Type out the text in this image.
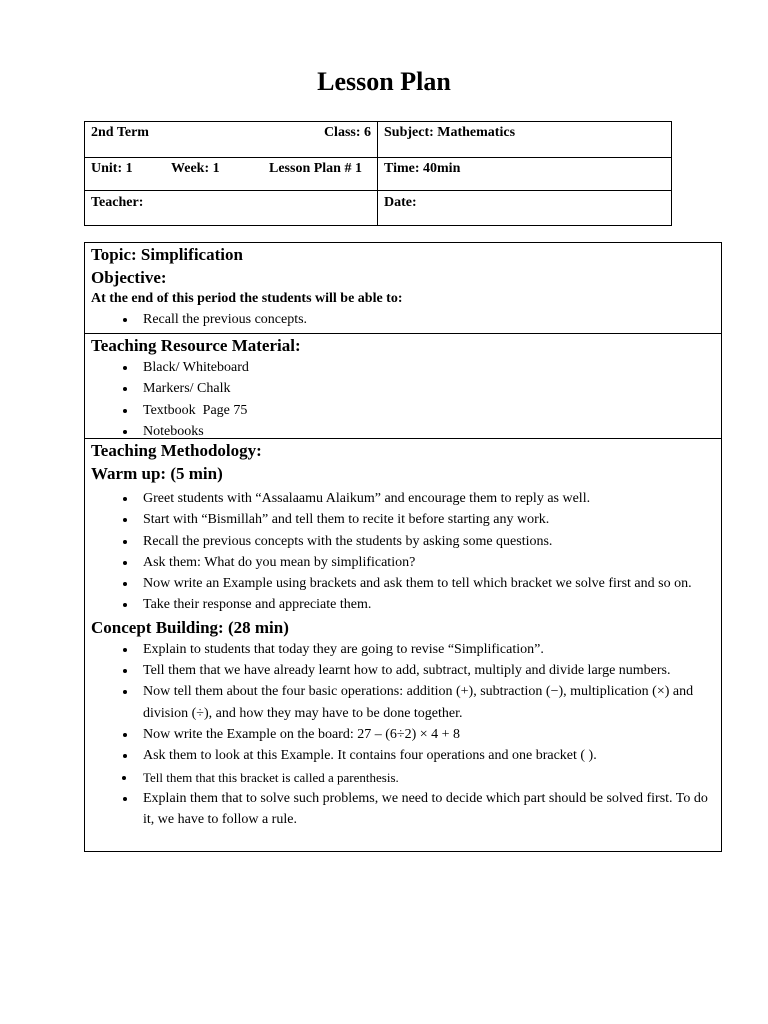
Lesson Plan
2nd Term Class: 6	Subject: Mathematics

Unit: 1 Week: 1 Lesson Plan # 1	Time: 40min
Teacher:	Date:
Topic: Simplification
Objective:
At the end of this period the students will be able to:
• Recall the previous concepts.
Teaching Resource Material:
• Black/ Whiteboard
• Markers/ Chalk
• Textbook  Page 75
• Notebooks
Teaching Methodology:
Warm up: (5 min)
• Greet students with “Assalaamu Alaikum” and encourage them to reply as well.
• Start with “Bismillah” and tell them to recite it before starting any work.
• Recall the previous concepts with the students by asking some questions.
• Ask them: What do you mean by simplification?
• Now write an Example using brackets and ask them to tell which bracket we solve first and so on.
• Take their response and appreciate them.
Concept Building: (28 min)
• Explain to students that today they are going to revise “Simplification”.
• Tell them that we have already learnt how to add, subtract, multiply and divide large numbers.
• Now tell them about the four basic operations: addition (+), subtraction (−), multiplication (×) and division (÷), and how they may have to be done together.
• Now write the Example on the board: 27 – (6÷2) × 4 + 8
• Ask them to look at this Example. It contains four operations and one bracket ( ).
• Tell them that this bracket is called a parenthesis.
• Explain them that to solve such problems, we need to decide which part should be solved first. To do it, we have to follow a rule.
